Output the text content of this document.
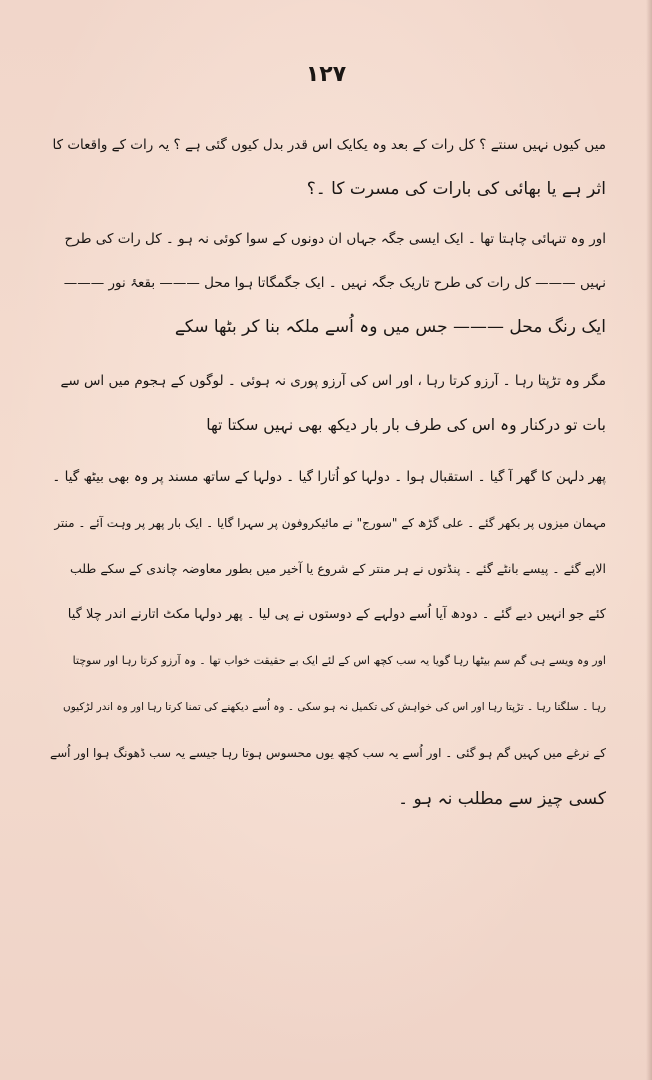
۱۲۷
میں کیوں نہیں سنتے ؟ کل رات کے بعد وہ یکایک اس قدر بدل کیوں گئی ہے ؟ یہ رات کے واقعات کا
اثر ہے یا بھائی کی بارات کی مسرت کا ۔؟
اور وہ تنہائی چاہتا تھا ۔ ایک ایسی جگہ جہاں ان دونوں کے سوا کوئی نہ ہو ۔ کل رات کی طرح
نہیں ——— کل رات کی طرح تاریک جگہ نہیں ۔ ایک جگمگاتا ہوا محل ——— بقعۂ نور ———
ایک رنگ محل ——— جس میں وہ اُسے ملکہ بنا کر بٹھا سکے
مگر وہ تڑپتا رہا ۔ آرزو کرتا رہا ، اور اس کی آرزو پوری نہ ہوئی ۔ لوگوں کے ہجوم میں اس سے
بات تو درکنار وہ اس کی طرف بار بار دیکھ بھی نہیں سکتا تھا
پھر دلہن کا گھر آ گیا ۔ استقبال ہوا ۔ دولہا کو اُتارا گیا ۔ دولہا کے ساتھ مسند پر وہ بھی بیٹھ گیا ۔
مہمان میزوں پر بکھر گئے ۔ علی گڑھ کے "سورج" نے مائیکروفون پر سہرا گایا ۔ ایک بار پھر پر وہت آئے ۔ منتر
الاپے گئے ۔ پیسے بانٹے گئے ۔ پنڈتوں نے ہر منتر کے شروع یا آخیر میں بطور معاوضہ چاندی کے سکے طلب
کئے جو انہیں دیے گئے ۔ دودھ آیا اُسے دولہے کے دوستوں نے پی لیا ۔ پھر دولہا مکٹ اتارنے اندر چلا گیا
اور وہ ویسے ہی گم سم بیٹھا رہا گویا یہ سب کچھ اس کے لئے ایک بے حقیقت خواب تھا ۔ وہ آرزو کرتا رہا اور سوچتا
رہا ۔ سلگتا رہا ۔ تڑپتا رہا اور اس کی خواہش کی تکمیل نہ ہو سکی ۔ وہ اُسے دیکھنے کی تمنا کرتا رہا اور وہ اندر لڑکیوں
کے نرغے میں کہیں گم ہو گئی ۔ اور اُسے یہ سب کچھ یوں محسوس ہوتا رہا جیسے یہ سب ڈھونگ ہوا اور اُسے
کسی چیز سے مطلب نہ ہو ۔
